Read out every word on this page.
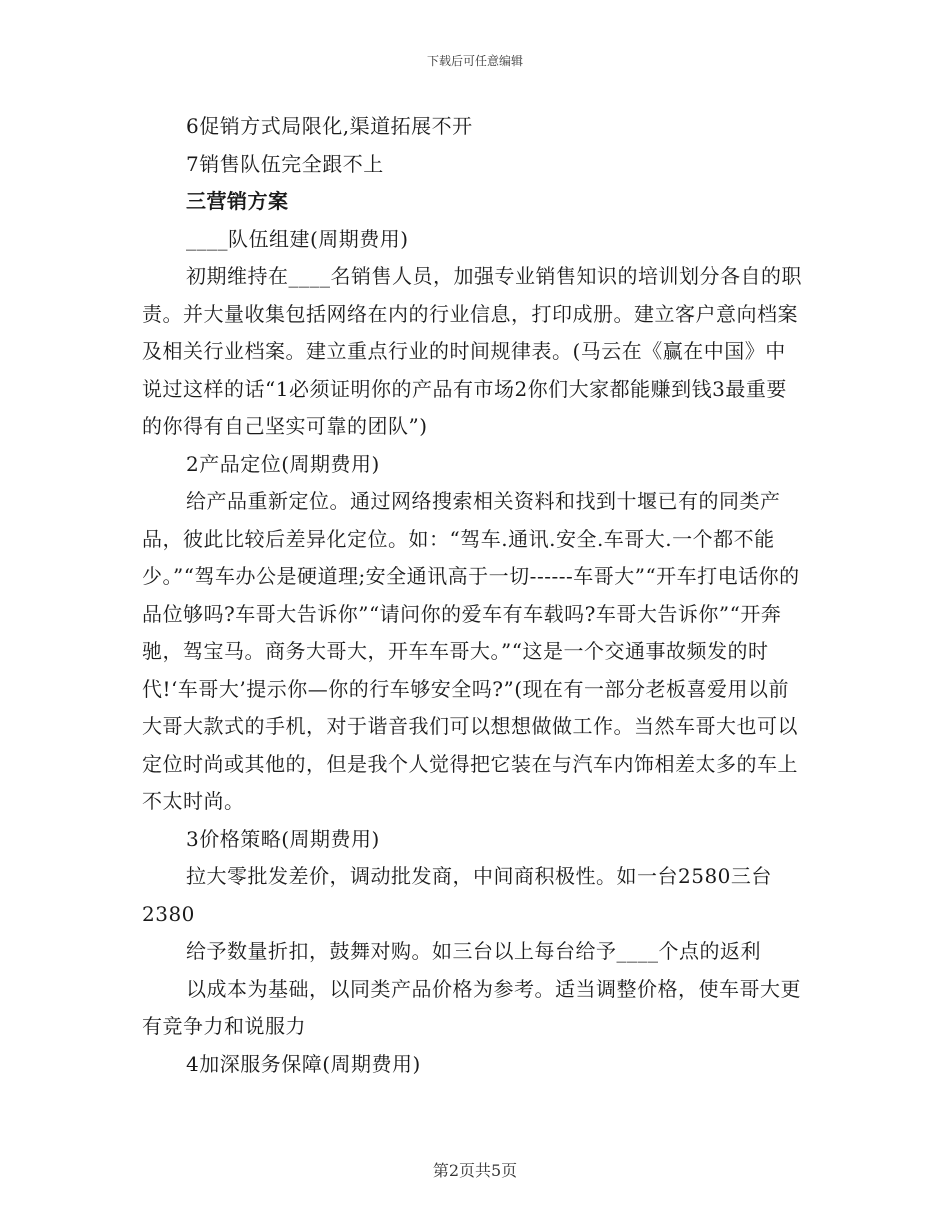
下载后可任意编辑

6促销方式局限化,渠道拓展不开

7销售队伍完全跟不上

三营销方案

____队伍组建(周期费用)

初期维持在____名销售人员，加强专业销售知识的培训划分各自的职责。并大量收集包括网络在内的行业信息，打印成册。建立客户意向档案及相关行业档案。建立重点行业的时间规律表。(马云在《赢在中国》中说过这样的话“1必须证明你的产品有市场2你们大家都能赚到钱3最重要的你得有自己坚实可靠的团队”)

2产品定位(周期费用)

给产品重新定位。通过网络搜索相关资料和找到十堰已有的同类产品，彼此比较后差异化定位。如：“驾车.通讯.安全.车哥大.一个都不能少。”“驾车办公是硬道理;安全通讯高于一切------车哥大”“开车打电话你的品位够吗?车哥大告诉你”“请问你的爱车有车载吗?车哥大告诉你”“开奔驰，驾宝马。商务大哥大，开车车哥大。”“这是一个交通事故频发的时代!‘车哥大’提示你—你的行车够安全吗?”(现在有一部分老板喜爱用以前大哥大款式的手机，对于谐音我们可以想想做做工作。当然车哥大也可以定位时尚或其他的，但是我个人觉得把它装在与汽车内饰相差太多的车上不太时尚。

3价格策略(周期费用)

拉大零批发差价，调动批发商，中间商积极性。如一台2580三台2380

给予数量折扣，鼓舞对购。如三台以上每台给予____个点的返利

以成本为基础，以同类产品价格为参考。适当调整价格，使车哥大更有竞争力和说服力

4加深服务保障(周期费用)

第2页共5页
